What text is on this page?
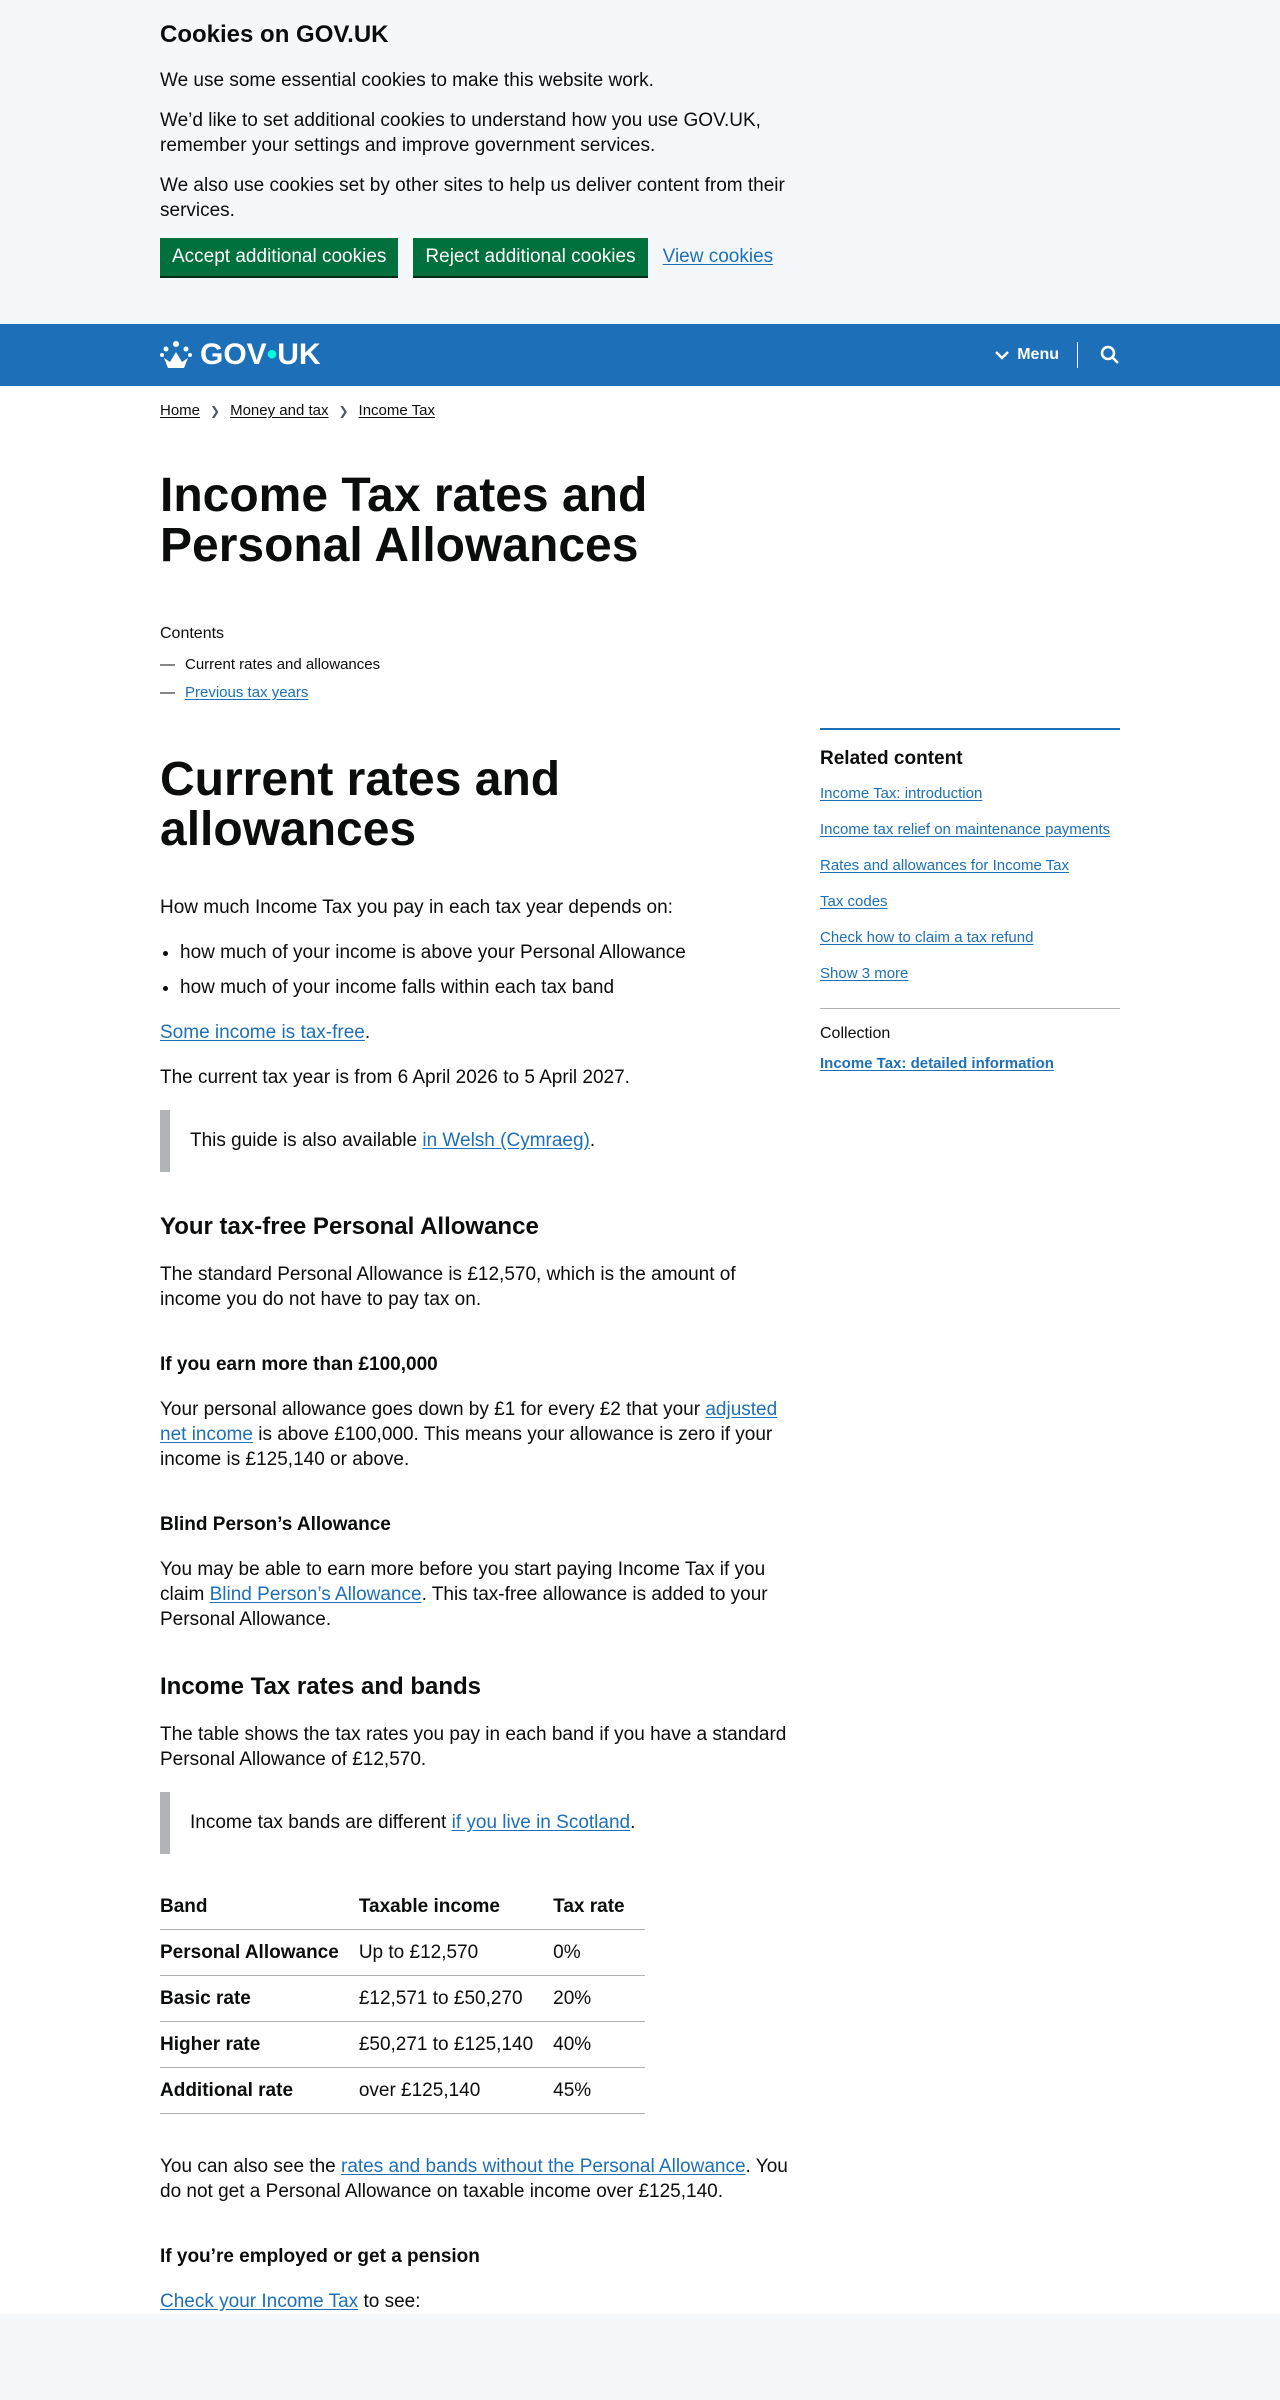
Cookies on GOV.UK

We use some essential cookies to make this website work.

We’d like to set additional cookies to understand how you use GOV.UK, remember your settings and improve government services.

We also use cookies set by other sites to help us deliver content from their services.

Accept additional cookies	Reject additional cookies	View cookies
GOV • UK	Menu
Home ❯ Money and tax ❯ Income Tax
Income Tax rates and Personal Allowances
Contents
— Current rates and allowances
— Previous tax years
Current rates and allowances

How much Income Tax you pay in each tax year depends on:

• how much of your income is above your Personal Allowance
• how much of your income falls within each tax band

Some income is tax-free.

The current tax year is from 6 April 2026 to 5 April 2027.

This guide is also available in Welsh (Cymraeg).
Your tax-free Personal Allowance

The standard Personal Allowance is £12,570, which is the amount of income you do not have to pay tax on.

If you earn more than £100,000

Your personal allowance goes down by £1 for every £2 that your adjusted net income is above £100,000. This means your allowance is zero if your income is £125,140 or above.

Blind Person’s Allowance

You may be able to earn more before you start paying Income Tax if you claim Blind Person’s Allowance. This tax-free allowance is added to your Personal Allowance.

Income Tax rates and bands

The table shows the tax rates you pay in each band if you have a standard Personal Allowance of £12,570.

Income tax bands are different if you live in Scotland.
Band	Taxable income	Tax rate
Personal Allowance	Up to £12,570	0%
Basic rate	£12,571 to £50,270	20%
Higher rate	£50,271 to £125,140	40%
Additional rate	over £125,140	45%

You can also see the rates and bands without the Personal Allowance. You do not get a Personal Allowance on taxable income over £125,140.

If you’re employed or get a pension

Check your Income Tax to see:

Related content
Income Tax: introduction
Income tax relief on maintenance payments
Rates and allowances for Income Tax
Tax codes
Check how to claim a tax refund
Show 3 more
Collection
Income Tax: detailed information
